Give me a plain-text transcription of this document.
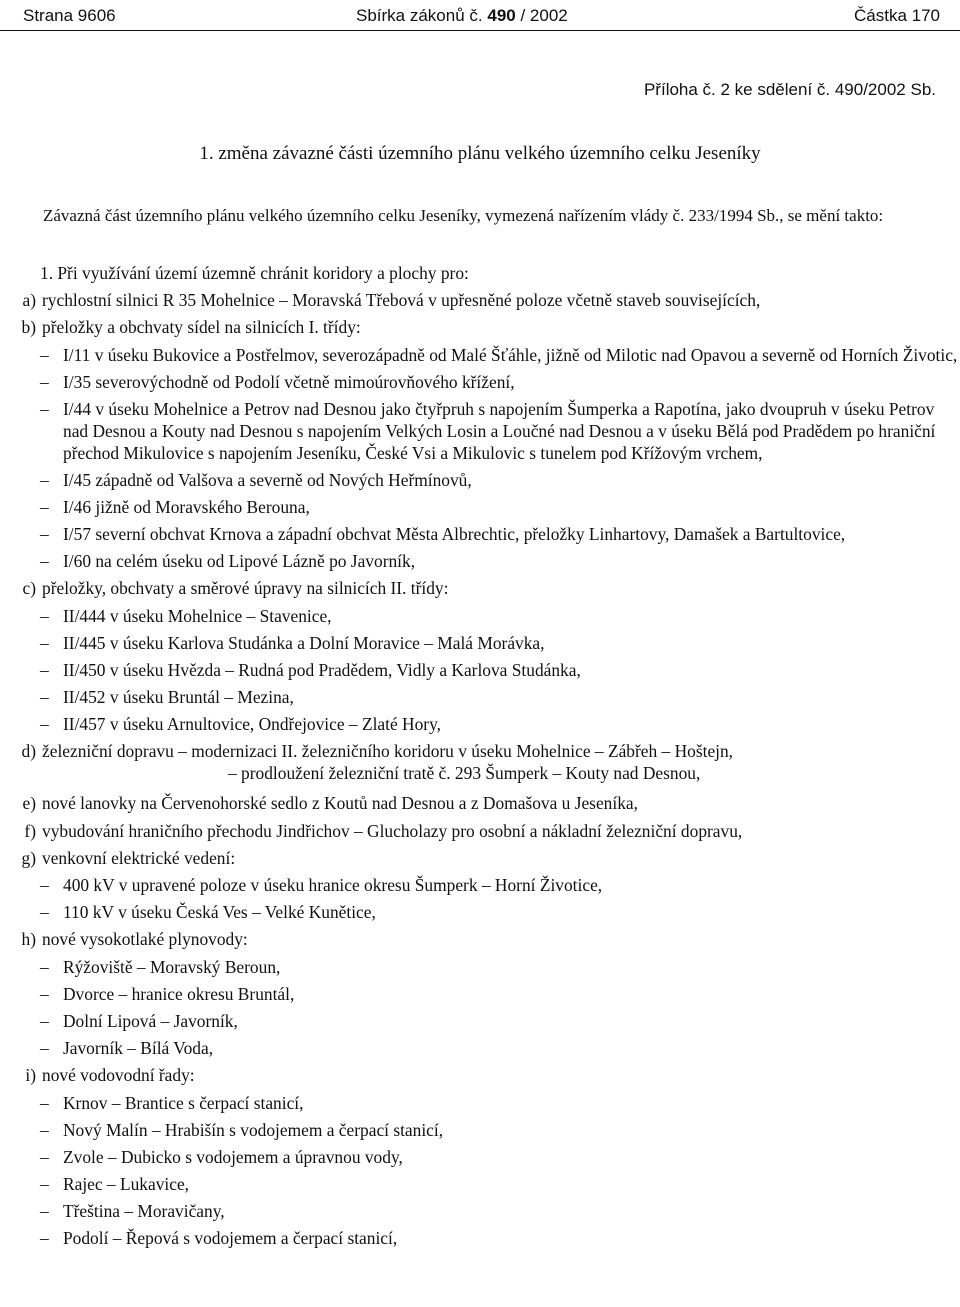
Strana 9606	Sbírka zákonů č. 490 / 2002	Částka 170
Příloha č. 2 ke sdělení č. 490/2002 Sb.
1. změna závazné části územního plánu velkého územního celku Jeseníky
Závazná část územního plánu velkého územního celku Jeseníky, vymezená nařízením vlády č. 233/1994 Sb., se mění takto:
1. Při využívání území územně chránit koridory a plochy pro:
a) rychlostní silnici R 35 Mohelnice – Moravská Třebová v upřesněné poloze včetně staveb souvisejících,
b) přeložky a obchvaty sídel na silnicích I. třídy:
– I/11 v úseku Bukovice a Postřelmov, severozápadně od Malé Šťáhle, jižně od Milotic nad Opavou a severně od Horních Životic,
– I/35 severovýchodně od Podolí včetně mimoúrovňového křížení,
– I/44 v úseku Mohelnice a Petrov nad Desnou jako čtyřpruh s napojením Šumperka a Rapotína, jako dvoupruh v úseku Petrov nad Desnou a Kouty nad Desnou s napojením Velkých Losin a Loučné nad Desnou a v úseku Bělá pod Pradědem po hraniční přechod Mikulovice s napojením Jeseníku, České Vsi a Mikulovic s tunelem pod Křížovým vrchem,
– I/45 západně od Valšova a severně od Nových Heřmínovů,
– I/46 jižně od Moravského Berouna,
– I/57 severní obchvat Krnova a západní obchvat Města Albrechtic, přeložky Linhartovy, Damašek a Bartultovice,
– I/60 na celém úseku od Lipové Lázně po Javorník,
c) přeložky, obchvaty a směrové úpravy na silnicích II. třídy:
– II/444 v úseku Mohelnice – Stavenice,
– II/445 v úseku Karlova Studánka a Dolní Moravice – Malá Morávka,
– II/450 v úseku Hvězda – Rudná pod Pradědem, Vidly a Karlova Studánka,
– II/452 v úseku Bruntál – Mezina,
– II/457 v úseku Arnultovice, Ondřejovice – Zlaté Hory,
d) železniční dopravu – modernizaci II. železničního koridoru v úseku Mohelnice – Zábřeh – Hoštejn,
– prodloužení železniční tratě č. 293 Šumperk – Kouty nad Desnou,
e) nové lanovky na Červenohorské sedlo z Koutů nad Desnou a z Domašova u Jeseníka,
f) vybudování hraničního přechodu Jindřichov – Glucholazy pro osobní a nákladní železniční dopravu,
g) venkovní elektrické vedení:
– 400 kV v upravené poloze v úseku hranice okresu Šumperk – Horní Životice,
– 110 kV v úseku Česká Ves – Velké Kunětice,
h) nové vysokotlaké plynovody:
– Rýžoviště – Moravský Beroun,
– Dvorce – hranice okresu Bruntál,
– Dolní Lipová – Javorník,
– Javorník – Bílá Voda,
i) nové vodovodní řady:
– Krnov – Brantice s čerpací stanicí,
– Nový Malín – Hrabišín s vodojemem a čerpací stanicí,
– Zvole – Dubicko s vodojemem a úpravnou vody,
– Rajec – Lukavice,
– Třeština – Moravičany,
– Podolí – Řepová s vodojemem a čerpací stanicí,
